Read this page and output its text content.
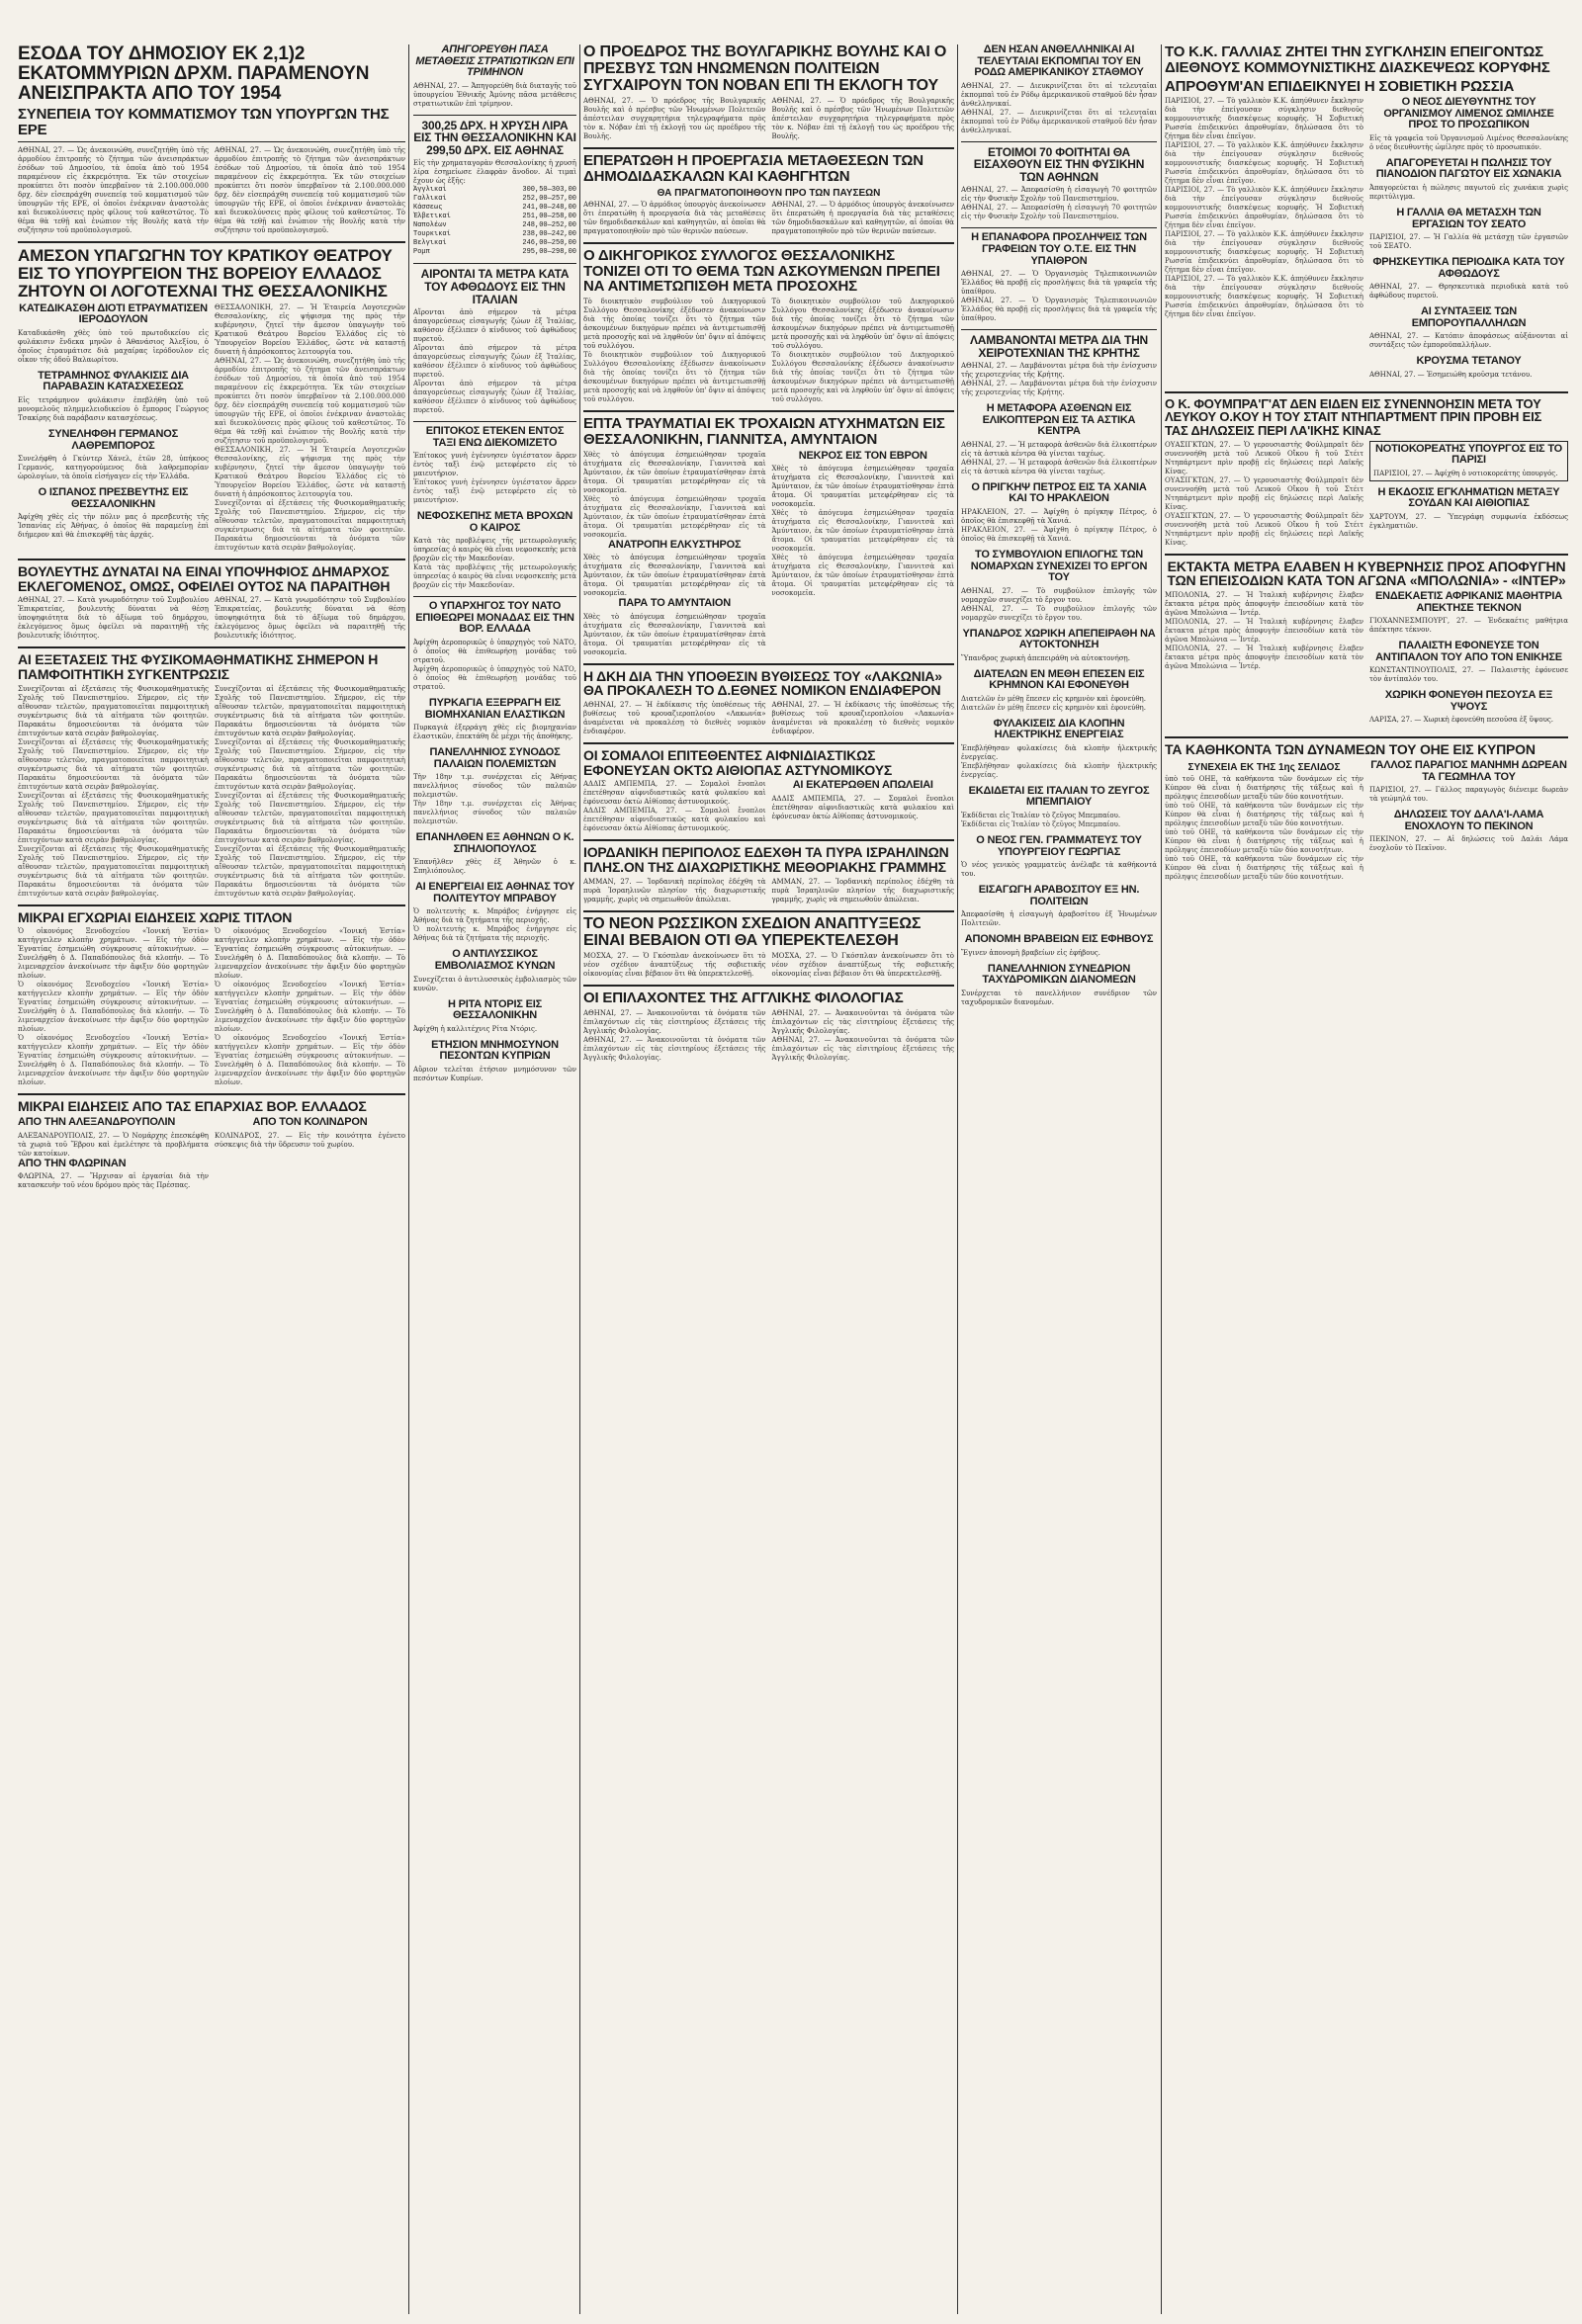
ΕΣΟΔΑ ΤΟΥ ΔΗΜΟΣΙΟΥ ΕΚ 2,1)2 ΕΚΑΤΟΜΜΥΡΙΩΝ ΔΡΧΜ. ΠΑΡΑΜΕΝΟΥΝ ΑΝΕΙΣΠΡΑΚΤΑ ΑΠΟ ΤΟΥ 1954
ΣΥΝΕΠΕΙΑ ΤΟΥ ΚΟΜΜΑΤΙΣΜΟΥ ΤΩΝ ΥΠΟΥΡΓΩΝ ΤΗΣ ΕΡΕ

ΑΘΗΝΑΙ, 27. — Ὡς ἀνεκοινώθη, συνεζητήθη ὑπὸ τῆς ἁρμοδίου ἐπιτροπῆς τὸ ζήτημα τῶν ἀνεισπράκτων ἐσόδων τοῦ Δημοσίου, τὰ ὁποῖα ἀπὸ τοῦ 1954 παραμένουν εἰς ἐκκρεμότητα. Ἐκ τῶν στοιχείων προκύπτει ὅτι ποσὸν ὑπερβαῖνον τὰ 2.100.000.000 δρχ. δὲν εἰσεπράχθη συνεπείᾳ τοῦ κομματισμοῦ τῶν ὑπουργῶν τῆς ΕΡΕ, οἱ ὁποῖοι ἐνέκριναν ἀναστολὰς καὶ διευκολύνσεις πρὸς φίλους τοῦ καθεστῶτος. Τὸ θέμα θὰ τεθῇ καὶ ἐνώπιον τῆς Βουλῆς κατὰ τὴν συζήτησιν τοῦ προϋπολογισμοῦ.

ΑΘΗΝΑΙ, 27. — Ὡς ἀνεκοινώθη, συνεζητήθη ὑπὸ τῆς ἁρμοδίου ἐπιτροπῆς τὸ ζήτημα τῶν ἀνεισπράκτων ἐσόδων τοῦ Δημοσίου, τὰ ὁποῖα ἀπὸ τοῦ 1954 παραμένουν εἰς ἐκκρεμότητα. Ἐκ τῶν στοιχείων προκύπτει ὅτι ποσὸν ὑπερβαῖνον τὰ 2.100.000.000 δρχ. δὲν εἰσεπράχθη συνεπείᾳ τοῦ κομματισμοῦ τῶν ὑπουργῶν τῆς ΕΡΕ, οἱ ὁποῖοι ἐνέκριναν ἀναστολὰς καὶ διευκολύνσεις πρὸς φίλους τοῦ καθεστῶτος. Τὸ θέμα θὰ τεθῇ καὶ ἐνώπιον τῆς Βουλῆς κατὰ τὴν συζήτησιν τοῦ προϋπολογισμοῦ.

ΑΜΕΣΟΝ ΥΠΑΓΩΓΗΝ ΤΟΥ ΚΡΑΤΙΚΟΥ ΘΕΑΤΡΟΥ ΕΙΣ ΤΟ ΥΠΟΥΡΓΕΙΟΝ ΤΗΣ ΒΟΡΕΙΟΥ ΕΛΛΑΔΟΣ ΖΗΤΟΥΝ ΟΙ ΛΟΓΟΤΕΧΝΑΙ ΤΗΣ ΘΕΣΣΑΛΟΝΙΚΗΣ
ΚΑΤΕΔΙΚΑΣΘΗ ΔΙΟΤΙ ΕΤΡΑΥΜΑΤΙΣΕΝ ΙΕΡΟΔΟΥΛΟΝ

Καταδικάσθη χθὲς ὑπὸ τοῦ πρωτοδικείου εἰς φυλάκισιν ἕνδεκα μηνῶν ὁ Ἀθανάσιος Ἀλεξίου, ὁ ὁποῖος ἐτραυμάτισε διὰ μαχαίρας ἱερόδουλον εἰς οἶκον τῆς ὁδοῦ Βαλαωρίτου.

ΤΕΤΡΑΜΗΝΟΣ ΦΥΛΑΚΙΣΙΣ ΔΙΑ ΠΑΡΑΒΑΣΙΝ ΚΑΤΑΣΧΕΣΕΩΣ

Εἰς τετράμηνον φυλάκισιν ἐπεβλήθη ὑπὸ τοῦ μονομελοῦς πλημμελειοδικείου ὁ ἔμπορος Γεώργιος Τσακίρης διὰ παράβασιν κατασχέσεως.

ΣΥΝΕΛΗΦΘΗ ΓΕΡΜΑΝΟΣ ΛΑΘΡΕΜΠΟΡΟΣ

Συνελήφθη ὁ Γκύντερ Χάνελ, ἐτῶν 28, ὑπήκοος Γερμανός, κατηγορούμενος διὰ λαθρεμπορίαν ὡρολογίων, τὰ ὁποῖα εἰσήγαγεν εἰς τὴν Ἑλλάδα.

Ο ΙΣΠΑΝΟΣ ΠΡΕΣΒΕΥΤΗΣ ΕΙΣ ΘΕΣΣΑΛΟΝΙΚΗΝ

Ἀφίχθη χθὲς εἰς τὴν πόλιν μας ὁ πρεσβευτὴς τῆς Ἰσπανίας εἰς Ἀθήνας, ὁ ὁποῖος θὰ παραμείνῃ ἐπὶ διήμερον καὶ θὰ ἐπισκεφθῇ τὰς ἀρχάς.

ΘΕΣΣΑΛΟΝΙΚΗ, 27. — Ἡ Ἑταιρεία Λογοτεχνῶν Θεσσαλονίκης, εἰς ψήφισμα της πρὸς τὴν κυβέρνησιν, ζητεῖ τὴν ἄμεσον ὑπαγωγὴν τοῦ Κρατικοῦ Θεάτρου Βορείου Ἑλλάδος εἰς τὸ Ὑπουργεῖον Βορείου Ἑλλάδος, ὥστε νὰ καταστῇ δυνατὴ ἡ ἀπρόσκοπτος λειτουργία του.

ΑΘΗΝΑΙ, 27. — Ὡς ἀνεκοινώθη, συνεζητήθη ὑπὸ τῆς ἁρμοδίου ἐπιτροπῆς τὸ ζήτημα τῶν ἀνεισπράκτων ἐσόδων τοῦ Δημοσίου, τὰ ὁποῖα ἀπὸ τοῦ 1954 παραμένουν εἰς ἐκκρεμότητα. Ἐκ τῶν στοιχείων προκύπτει ὅτι ποσὸν ὑπερβαῖνον τὰ 2.100.000.000 δρχ. δὲν εἰσεπράχθη συνεπείᾳ τοῦ κομματισμοῦ τῶν ὑπουργῶν τῆς ΕΡΕ, οἱ ὁποῖοι ἐνέκριναν ἀναστολὰς καὶ διευκολύνσεις πρὸς φίλους τοῦ καθεστῶτος. Τὸ θέμα θὰ τεθῇ καὶ ἐνώπιον τῆς Βουλῆς κατὰ τὴν συζήτησιν τοῦ προϋπολογισμοῦ.

ΘΕΣΣΑΛΟΝΙΚΗ, 27. — Ἡ Ἑταιρεία Λογοτεχνῶν Θεσσαλονίκης, εἰς ψήφισμα της πρὸς τὴν κυβέρνησιν, ζητεῖ τὴν ἄμεσον ὑπαγωγὴν τοῦ Κρατικοῦ Θεάτρου Βορείου Ἑλλάδος εἰς τὸ Ὑπουργεῖον Βορείου Ἑλλάδος, ὥστε νὰ καταστῇ δυνατὴ ἡ ἀπρόσκοπτος λειτουργία του.

Συνεχίζονται αἱ ἐξετάσεις τῆς Φυσικομαθηματικῆς Σχολῆς τοῦ Πανεπιστημίου. Σήμερον, εἰς τὴν αἴθουσαν τελετῶν, πραγματοποιεῖται παμφοιτητικὴ συγκέντρωσις διὰ τὰ αἰτήματα τῶν φοιτητῶν. Παρακάτω δημοσιεύονται τὰ ὀνόματα τῶν ἐπιτυχόντων κατὰ σειρὰν βαθμολογίας.

ΒΟΥΛΕΥΤΗΣ ΔΥΝΑΤΑΙ ΝΑ ΕΙΝΑΙ ΥΠΟΨΗΦΙΟΣ ΔΗΜΑΡΧΟΣ ΕΚΛΕΓΟΜΕΝΟΣ, ΟΜΩΣ, ΟΦΕΙΛΕΙ ΟΥΤΟΣ ΝΑ ΠΑΡΑΙΤΗΘΗ

ΑΘΗΝΑΙ, 27. — Κατὰ γνωμοδότησιν τοῦ Συμβουλίου Ἐπικρατείας, βουλευτὴς δύναται νὰ θέσῃ ὑποψηφιότητα διὰ τὸ ἀξίωμα τοῦ δημάρχου, ἐκλεγόμενος ὅμως ὀφείλει νὰ παραιτηθῇ τῆς βουλευτικῆς ἰδιότητος.

ΑΘΗΝΑΙ, 27. — Κατὰ γνωμοδότησιν τοῦ Συμβουλίου Ἐπικρατείας, βουλευτὴς δύναται νὰ θέσῃ ὑποψηφιότητα διὰ τὸ ἀξίωμα τοῦ δημάρχου, ἐκλεγόμενος ὅμως ὀφείλει νὰ παραιτηθῇ τῆς βουλευτικῆς ἰδιότητος.

ΑΙ ΕΞΕΤΑΣΕΙΣ ΤΗΣ ΦΥΣΙΚΟΜΑΘΗΜΑΤΙΚΗΣ ΣΗΜΕΡΟΝ Η ΠΑΜΦΟΙΤΗΤΙΚΗ ΣΥΓΚΕΝΤΡΩΣΙΣ

Συνεχίζονται αἱ ἐξετάσεις τῆς Φυσικομαθηματικῆς Σχολῆς τοῦ Πανεπιστημίου. Σήμερον, εἰς τὴν αἴθουσαν τελετῶν, πραγματοποιεῖται παμφοιτητικὴ συγκέντρωσις διὰ τὰ αἰτήματα τῶν φοιτητῶν. Παρακάτω δημοσιεύονται τὰ ὀνόματα τῶν ἐπιτυχόντων κατὰ σειρὰν βαθμολογίας.

Συνεχίζονται αἱ ἐξετάσεις τῆς Φυσικομαθηματικῆς Σχολῆς τοῦ Πανεπιστημίου. Σήμερον, εἰς τὴν αἴθουσαν τελετῶν, πραγματοποιεῖται παμφοιτητικὴ συγκέντρωσις διὰ τὰ αἰτήματα τῶν φοιτητῶν. Παρακάτω δημοσιεύονται τὰ ὀνόματα τῶν ἐπιτυχόντων κατὰ σειρὰν βαθμολογίας.

Συνεχίζονται αἱ ἐξετάσεις τῆς Φυσικομαθηματικῆς Σχολῆς τοῦ Πανεπιστημίου. Σήμερον, εἰς τὴν αἴθουσαν τελετῶν, πραγματοποιεῖται παμφοιτητικὴ συγκέντρωσις διὰ τὰ αἰτήματα τῶν φοιτητῶν. Παρακάτω δημοσιεύονται τὰ ὀνόματα τῶν ἐπιτυχόντων κατὰ σειρὰν βαθμολογίας.

Συνεχίζονται αἱ ἐξετάσεις τῆς Φυσικομαθηματικῆς Σχολῆς τοῦ Πανεπιστημίου. Σήμερον, εἰς τὴν αἴθουσαν τελετῶν, πραγματοποιεῖται παμφοιτητικὴ συγκέντρωσις διὰ τὰ αἰτήματα τῶν φοιτητῶν. Παρακάτω δημοσιεύονται τὰ ὀνόματα τῶν ἐπιτυχόντων κατὰ σειρὰν βαθμολογίας.

Συνεχίζονται αἱ ἐξετάσεις τῆς Φυσικομαθηματικῆς Σχολῆς τοῦ Πανεπιστημίου. Σήμερον, εἰς τὴν αἴθουσαν τελετῶν, πραγματοποιεῖται παμφοιτητικὴ συγκέντρωσις διὰ τὰ αἰτήματα τῶν φοιτητῶν. Παρακάτω δημοσιεύονται τὰ ὀνόματα τῶν ἐπιτυχόντων κατὰ σειρὰν βαθμολογίας.

Συνεχίζονται αἱ ἐξετάσεις τῆς Φυσικομαθηματικῆς Σχολῆς τοῦ Πανεπιστημίου. Σήμερον, εἰς τὴν αἴθουσαν τελετῶν, πραγματοποιεῖται παμφοιτητικὴ συγκέντρωσις διὰ τὰ αἰτήματα τῶν φοιτητῶν. Παρακάτω δημοσιεύονται τὰ ὀνόματα τῶν ἐπιτυχόντων κατὰ σειρὰν βαθμολογίας.

Συνεχίζονται αἱ ἐξετάσεις τῆς Φυσικομαθηματικῆς Σχολῆς τοῦ Πανεπιστημίου. Σήμερον, εἰς τὴν αἴθουσαν τελετῶν, πραγματοποιεῖται παμφοιτητικὴ συγκέντρωσις διὰ τὰ αἰτήματα τῶν φοιτητῶν. Παρακάτω δημοσιεύονται τὰ ὀνόματα τῶν ἐπιτυχόντων κατὰ σειρὰν βαθμολογίας.

Συνεχίζονται αἱ ἐξετάσεις τῆς Φυσικομαθηματικῆς Σχολῆς τοῦ Πανεπιστημίου. Σήμερον, εἰς τὴν αἴθουσαν τελετῶν, πραγματοποιεῖται παμφοιτητικὴ συγκέντρωσις διὰ τὰ αἰτήματα τῶν φοιτητῶν. Παρακάτω δημοσιεύονται τὰ ὀνόματα τῶν ἐπιτυχόντων κατὰ σειρὰν βαθμολογίας.

ΜΙΚΡΑΙ ΕΓΧΩΡΙΑΙ ΕΙΔΗΣΕΙΣ ΧΩΡΙΣ ΤΙΤΛΟΝ

Ὁ οἰκονόμος Ξενοδοχείου «Ἰονική Ἑστία» κατήγγειλεν κλοπὴν χρημάτων. — Εἰς τὴν ὁδὸν Ἐγνατίας ἐσημειώθη σύγκρουσις αὐτοκινήτων. — Συνελήφθη ὁ Δ. Παπαδόπουλος διὰ κλοπήν. — Τὸ λιμεναρχεῖον ἀνεκοίνωσε τὴν ἄφιξιν δύο φορτηγῶν πλοίων.

Ὁ οἰκονόμος Ξενοδοχείου «Ἰονική Ἑστία» κατήγγειλεν κλοπὴν χρημάτων. — Εἰς τὴν ὁδὸν Ἐγνατίας ἐσημειώθη σύγκρουσις αὐτοκινήτων. — Συνελήφθη ὁ Δ. Παπαδόπουλος διὰ κλοπήν. — Τὸ λιμεναρχεῖον ἀνεκοίνωσε τὴν ἄφιξιν δύο φορτηγῶν πλοίων.

Ὁ οἰκονόμος Ξενοδοχείου «Ἰονική Ἑστία» κατήγγειλεν κλοπὴν χρημάτων. — Εἰς τὴν ὁδὸν Ἐγνατίας ἐσημειώθη σύγκρουσις αὐτοκινήτων. — Συνελήφθη ὁ Δ. Παπαδόπουλος διὰ κλοπήν. — Τὸ λιμεναρχεῖον ἀνεκοίνωσε τὴν ἄφιξιν δύο φορτηγῶν πλοίων.

Ὁ οἰκονόμος Ξενοδοχείου «Ἰονική Ἑστία» κατήγγειλεν κλοπὴν χρημάτων. — Εἰς τὴν ὁδὸν Ἐγνατίας ἐσημειώθη σύγκρουσις αὐτοκινήτων. — Συνελήφθη ὁ Δ. Παπαδόπουλος διὰ κλοπήν. — Τὸ λιμεναρχεῖον ἀνεκοίνωσε τὴν ἄφιξιν δύο φορτηγῶν πλοίων.

Ὁ οἰκονόμος Ξενοδοχείου «Ἰονική Ἑστία» κατήγγειλεν κλοπὴν χρημάτων. — Εἰς τὴν ὁδὸν Ἐγνατίας ἐσημειώθη σύγκρουσις αὐτοκινήτων. — Συνελήφθη ὁ Δ. Παπαδόπουλος διὰ κλοπήν. — Τὸ λιμεναρχεῖον ἀνεκοίνωσε τὴν ἄφιξιν δύο φορτηγῶν πλοίων.

Ὁ οἰκονόμος Ξενοδοχείου «Ἰονική Ἑστία» κατήγγειλεν κλοπὴν χρημάτων. — Εἰς τὴν ὁδὸν Ἐγνατίας ἐσημειώθη σύγκρουσις αὐτοκινήτων. — Συνελήφθη ὁ Δ. Παπαδόπουλος διὰ κλοπήν. — Τὸ λιμεναρχεῖον ἀνεκοίνωσε τὴν ἄφιξιν δύο φορτηγῶν πλοίων.

ΜΙΚΡΑΙ ΕΙΔΗΣΕΙΣ ΑΠΟ ΤΑΣ ΕΠΑΡΧΙΑΣ ΒΟΡ. ΕΛΛΑΔΟΣ
ΑΠΟ ΤΗΝ ΑΛΕΞΑΝΔΡΟΥΠΟΛΙΝ

ΑΛΕΞΑΝΔΡΟΥΠΟΛΙΣ, 27. — Ὁ Νομάρχης ἐπεσκέφθη τὰ χωριὰ τοῦ Ἕβρου καὶ ἐμελέτησε τὰ προβλήματα τῶν κατοίκων.

ΑΠΟ ΤΗΝ ΦΛΩΡΙΝΑΝ

ΦΛΩΡΙΝΑ, 27. — Ἤρχισαν αἱ ἐργασίαι διὰ τὴν κατασκευὴν τοῦ νέου δρόμου πρὸς τὰς Πρέσπας.

ΑΠΟ ΤΟΝ ΚΟΛΙΝΔΡΟΝ

ΚΟΛΙΝΔΡΟΣ, 27. — Εἰς τὴν κοινότητα ἐγένετο σύσκεψις διὰ τὴν ὕδρευσιν τοῦ χωρίου.

ΑΠΗΓΟΡΕΥΘΗ ΠΑΣΑ ΜΕΤΑΘΕΣΙΣ ΣΤΡΑΤΙΩΤΙΚΩΝ ΕΠΙ ΤΡΙΜΗΝΟΝ

ΑΘΗΝΑΙ, 27. — Ἀπηγορεύθη διὰ διαταγῆς τοῦ ὑπουργείου Ἐθνικῆς Ἀμύνης πᾶσα μετάθεσις στρατιωτικῶν ἐπὶ τρίμηνον.

300,25 ΔΡΧ. Η ΧΡΥΣΗ ΛΙΡΑ ΕΙΣ ΤΗΝ ΘΕΣΣΑΛΟΝΙΚΗΝ ΚΑΙ 299,50 ΔΡΧ. ΕΙΣ ΑΘΗΝΑΣ

Εἰς τὴν χρηματαγορὰν Θεσσαλονίκης ἡ χρυσῆ λίρα ἐσημείωσε ἐλαφρὰν ἄνοδον. Αἱ τιμαὶ ἔχουν ὡς ἑξῆς:

Ἀγγλικαί	300,50—303,00
Γαλλικαί	252,00—257,00
Κάσσεως	241,00—248,00
Ἑλβετικαί	251,00—258,00
Ναπολέων	248,00—252,00
Τουρκικαί	238,00—242,00
Βελγικαί	246,00—250,00
Ρομπ	295,00—298,00
ΑΙΡΟΝΤΑΙ ΤΑ ΜΕΤΡΑ ΚΑΤΑ ΤΟΥ ΑΦΘΩΔΟΥΣ ΕΙΣ ΤΗΝ ΙΤΑΛΙΑΝ

Αἴρονται ἀπὸ σήμερον τὰ μέτρα ἀπαγορεύσεως εἰσαγωγῆς ζώων ἐξ Ἰταλίας, καθόσον ἐξέλιπεν ὁ κίνδυνος τοῦ ἀφθώδους πυρετοῦ.

Αἴρονται ἀπὸ σήμερον τὰ μέτρα ἀπαγορεύσεως εἰσαγωγῆς ζώων ἐξ Ἰταλίας, καθόσον ἐξέλιπεν ὁ κίνδυνος τοῦ ἀφθώδους πυρετοῦ.

Αἴρονται ἀπὸ σήμερον τὰ μέτρα ἀπαγορεύσεως εἰσαγωγῆς ζώων ἐξ Ἰταλίας, καθόσον ἐξέλιπεν ὁ κίνδυνος τοῦ ἀφθώδους πυρετοῦ.

ΕΠΙΤΟΚΟΣ ΕΤΕΚΕΝ ΕΝΤΟΣ ΤΑΞΙ ΕΝΩ ΔΙΕΚΟΜΙΖΕΤΟ

Ἐπίτοκος γυνὴ ἐγέννησεν ὑγιέστατον ἄρρεν ἐντὸς ταξὶ ἐνῷ μετεφέρετο εἰς τὸ μαιευτήριον.

Ἐπίτοκος γυνὴ ἐγέννησεν ὑγιέστατον ἄρρεν ἐντὸς ταξὶ ἐνῷ μετεφέρετο εἰς τὸ μαιευτήριον.

ΝΕΦΟΣΚΕΠΗΣ ΜΕΤΑ ΒΡΟΧΩΝ Ο ΚΑΙΡΟΣ

Κατὰ τὰς προβλέψεις τῆς μετεωρολογικῆς ὑπηρεσίας ὁ καιρὸς θὰ εἶναι νεφοσκεπὴς μετὰ βροχῶν εἰς τὴν Μακεδονίαν.

Κατὰ τὰς προβλέψεις τῆς μετεωρολογικῆς ὑπηρεσίας ὁ καιρὸς θὰ εἶναι νεφοσκεπὴς μετὰ βροχῶν εἰς τὴν Μακεδονίαν.

Ο ΥΠΑΡΧΗΓΟΣ ΤΟΥ ΝΑΤΟ ΕΠΙΘΕΩΡΕΙ ΜΟΝΑΔΑΣ ΕΙΣ ΤΗΝ ΒΟΡ. ΕΛΛΑΔΑ

Ἀφίχθη ἀεροπορικῶς ὁ ὑπαρχηγὸς τοῦ ΝΑΤΟ, ὁ ὁποῖος θὰ ἐπιθεωρήσῃ μονάδας τοῦ στρατοῦ.

Ἀφίχθη ἀεροπορικῶς ὁ ὑπαρχηγὸς τοῦ ΝΑΤΟ, ὁ ὁποῖος θὰ ἐπιθεωρήσῃ μονάδας τοῦ στρατοῦ.

ΠΥΡΚΑΓΙΑ ΕΞΕΡΡΑΓΗ ΕΙΣ ΒΙΟΜΗΧΑΝΙΑΝ ΕΛΑΣΤΙΚΩΝ

Πυρκαγιὰ ἐξερράγη χθὲς εἰς βιομηχανίαν ἐλαστικῶν, ἐπεκτάθη δὲ μέχρι τῆς ἀποθήκης.

ΠΑΝΕΛΛΗΝΙΟΣ ΣΥΝΟΔΟΣ ΠΑΛΑΙΩΝ ΠΟΛΕΜΙΣΤΩΝ

Τὴν 18ην τ.μ. συνέρχεται εἰς Ἀθήνας πανελλήνιος σύνοδος τῶν παλαιῶν πολεμιστῶν.

Τὴν 18ην τ.μ. συνέρχεται εἰς Ἀθήνας πανελλήνιος σύνοδος τῶν παλαιῶν πολεμιστῶν.

ΕΠΑΝΗΛΘΕΝ ΕΞ ΑΘΗΝΩΝ Ο Κ. ΣΠΗΛΙΟΠΟΥΛΟΣ

Ἐπανῆλθεν χθὲς ἐξ Ἀθηνῶν ὁ κ. Σπηλιόπουλος.

ΑΙ ΕΝΕΡΓΕΙΑΙ ΕΙΣ ΑΘΗΝΑΣ ΤΟΥ ΠΟΛΙΤΕΥΤΟΥ ΜΠΡΑΒΟΥ

Ὁ πολιτευτὴς κ. Μπράβος ἐνήργησε εἰς Ἀθήνας διὰ τὰ ζητήματα τῆς περιοχῆς.

Ὁ πολιτευτὴς κ. Μπράβος ἐνήργησε εἰς Ἀθήνας διὰ τὰ ζητήματα τῆς περιοχῆς.

Ο ΑΝΤΙΛΥΣΣΙΚΟΣ ΕΜΒΟΛΙΑΣΜΟΣ ΚΥΝΩΝ

Συνεχίζεται ὁ ἀντιλυσσικὸς ἐμβολιασμὸς τῶν κυνῶν.

Η ΡΙΤΑ ΝΤΟΡΙΣ ΕΙΣ ΘΕΣΣΑΛΟΝΙΚΗΝ

Ἀφίχθη ἡ καλλιτέχνις Ρίτα Ντόρις.

ΕΤΗΣΙΟΝ ΜΝΗΜΟΣΥΝΟΝ ΠΕΣΟΝΤΩΝ ΚΥΠΡΙΩΝ

Αὔριον τελεῖται ἐτήσιον μνημόσυνον τῶν πεσόντων Κυπρίων.

Ο ΠΡΟΕΔΡΟΣ ΤΗΣ ΒΟΥΛΓΑΡΙΚΗΣ ΒΟΥΛΗΣ ΚΑΙ Ο ΠΡΕΣΒΥΣ ΤΩΝ ΗΝΩΜΕΝΩΝ ΠΟΛΙΤΕΙΩΝ ΣΥΓΧΑΙΡΟΥΝ ΤΟΝ ΝΟΒΑΝ ΕΠΙ ΤΗ ΕΚΛΟΓΗ ΤΟΥ

ΑΘΗΝΑΙ, 27. — Ὁ πρόεδρος τῆς Βουλγαρικῆς Βουλῆς καὶ ὁ πρέσβυς τῶν Ἡνωμένων Πολιτειῶν ἀπέστειλαν συγχαρητήρια τηλεγραφήματα πρὸς τὸν κ. Νόβαν ἐπὶ τῇ ἐκλογῇ του ὡς προέδρου τῆς Βουλῆς.

ΑΘΗΝΑΙ, 27. — Ὁ πρόεδρος τῆς Βουλγαρικῆς Βουλῆς καὶ ὁ πρέσβυς τῶν Ἡνωμένων Πολιτειῶν ἀπέστειλαν συγχαρητήρια τηλεγραφήματα πρὸς τὸν κ. Νόβαν ἐπὶ τῇ ἐκλογῇ του ὡς προέδρου τῆς Βουλῆς.

ΕΠΕΡΑΤΩΘΗ Η ΠΡΟΕΡΓΑΣΙΑ ΜΕΤΑΘΕΣΕΩΝ ΤΩΝ ΔΗΜΟΔΙΔΑΣΚΑΛΩΝ ΚΑΙ ΚΑΘΗΓΗΤΩΝ
ΘΑ ΠΡΑΓΜΑΤΟΠΟΙΗΘΟΥΝ ΠΡΟ ΤΩΝ ΠΑΥΣΕΩΝ

ΑΘΗΝΑΙ, 27. — Ὁ ἁρμόδιος ὑπουργὸς ἀνεκοίνωσεν ὅτι ἐπερατώθη ἡ προεργασία διὰ τὰς μεταθέσεις τῶν δημοδιδασκάλων καὶ καθηγητῶν, αἱ ὁποῖαι θὰ πραγματοποιηθοῦν πρὸ τῶν θερινῶν παύσεων.

ΑΘΗΝΑΙ, 27. — Ὁ ἁρμόδιος ὑπουργὸς ἀνεκοίνωσεν ὅτι ἐπερατώθη ἡ προεργασία διὰ τὰς μεταθέσεις τῶν δημοδιδασκάλων καὶ καθηγητῶν, αἱ ὁποῖαι θὰ πραγματοποιηθοῦν πρὸ τῶν θερινῶν παύσεων.

Ο ΔΙΚΗΓΟΡΙΚΟΣ ΣΥΛΛΟΓΟΣ ΘΕΣΣΑΛΟΝΙΚΗΣ ΤΟΝΙΖΕΙ ΟΤΙ ΤΟ ΘΕΜΑ ΤΩΝ ΑΣΚΟΥΜΕΝΩΝ ΠΡΕΠΕΙ ΝΑ ΑΝΤΙΜΕΤΩΠΙΣΘΗ ΜΕΤΑ ΠΡΟΣΟΧΗΣ

Τὸ διοικητικὸν συμβούλιον τοῦ Δικηγορικοῦ Συλλόγου Θεσσαλονίκης ἐξέδωσεν ἀνακοίνωσιν διὰ τῆς ὁποίας τονίζει ὅτι τὸ ζήτημα τῶν ἀσκουμένων δικηγόρων πρέπει νὰ ἀντιμετωπισθῇ μετὰ προσοχῆς καὶ νὰ ληφθοῦν ὑπ' ὄψιν αἱ ἀπόψεις τοῦ συλλόγου.

Τὸ διοικητικὸν συμβούλιον τοῦ Δικηγορικοῦ Συλλόγου Θεσσαλονίκης ἐξέδωσεν ἀνακοίνωσιν διὰ τῆς ὁποίας τονίζει ὅτι τὸ ζήτημα τῶν ἀσκουμένων δικηγόρων πρέπει νὰ ἀντιμετωπισθῇ μετὰ προσοχῆς καὶ νὰ ληφθοῦν ὑπ' ὄψιν αἱ ἀπόψεις τοῦ συλλόγου.

Τὸ διοικητικὸν συμβούλιον τοῦ Δικηγορικοῦ Συλλόγου Θεσσαλονίκης ἐξέδωσεν ἀνακοίνωσιν διὰ τῆς ὁποίας τονίζει ὅτι τὸ ζήτημα τῶν ἀσκουμένων δικηγόρων πρέπει νὰ ἀντιμετωπισθῇ μετὰ προσοχῆς καὶ νὰ ληφθοῦν ὑπ' ὄψιν αἱ ἀπόψεις τοῦ συλλόγου.

Τὸ διοικητικὸν συμβούλιον τοῦ Δικηγορικοῦ Συλλόγου Θεσσαλονίκης ἐξέδωσεν ἀνακοίνωσιν διὰ τῆς ὁποίας τονίζει ὅτι τὸ ζήτημα τῶν ἀσκουμένων δικηγόρων πρέπει νὰ ἀντιμετωπισθῇ μετὰ προσοχῆς καὶ νὰ ληφθοῦν ὑπ' ὄψιν αἱ ἀπόψεις τοῦ συλλόγου.

ΕΠΤΑ ΤΡΑΥΜΑΤΙΑΙ ΕΚ ΤΡΟΧΑΙΩΝ ΑΤΥΧΗΜΑΤΩΝ ΕΙΣ ΘΕΣΣΑΛΟΝΙΚΗΝ, ΓΙΑΝΝΙΤΣΑ, ΑΜΥΝΤΑΙΟΝ

Χθὲς τὸ ἀπόγευμα ἐσημειώθησαν τροχαῖα ἀτυχήματα εἰς Θεσσαλονίκην, Γιαννιτσὰ καὶ Ἀμύνταιον, ἐκ τῶν ὁποίων ἐτραυματίσθησαν ἑπτὰ ἄτομα. Οἱ τραυματίαι μετεφέρθησαν εἰς τὰ νοσοκομεῖα.

Χθὲς τὸ ἀπόγευμα ἐσημειώθησαν τροχαῖα ἀτυχήματα εἰς Θεσσαλονίκην, Γιαννιτσὰ καὶ Ἀμύνταιον, ἐκ τῶν ὁποίων ἐτραυματίσθησαν ἑπτὰ ἄτομα. Οἱ τραυματίαι μετεφέρθησαν εἰς τὰ νοσοκομεῖα.

ΑΝΑΤΡΟΠΗ ΕΛΚΥΣΤΗΡΟΣ

Χθὲς τὸ ἀπόγευμα ἐσημειώθησαν τροχαῖα ἀτυχήματα εἰς Θεσσαλονίκην, Γιαννιτσὰ καὶ Ἀμύνταιον, ἐκ τῶν ὁποίων ἐτραυματίσθησαν ἑπτὰ ἄτομα. Οἱ τραυματίαι μετεφέρθησαν εἰς τὰ νοσοκομεῖα.

ΠΑΡΑ ΤΟ ΑΜΥΝΤΑΙΟΝ

Χθὲς τὸ ἀπόγευμα ἐσημειώθησαν τροχαῖα ἀτυχήματα εἰς Θεσσαλονίκην, Γιαννιτσὰ καὶ Ἀμύνταιον, ἐκ τῶν ὁποίων ἐτραυματίσθησαν ἑπτὰ ἄτομα. Οἱ τραυματίαι μετεφέρθησαν εἰς τὰ νοσοκομεῖα.

ΝΕΚΡΟΣ ΕΙΣ ΤΟΝ ΕΒΡΟΝ

Χθὲς τὸ ἀπόγευμα ἐσημειώθησαν τροχαῖα ἀτυχήματα εἰς Θεσσαλονίκην, Γιαννιτσὰ καὶ Ἀμύνταιον, ἐκ τῶν ὁποίων ἐτραυματίσθησαν ἑπτὰ ἄτομα. Οἱ τραυματίαι μετεφέρθησαν εἰς τὰ νοσοκομεῖα.

Χθὲς τὸ ἀπόγευμα ἐσημειώθησαν τροχαῖα ἀτυχήματα εἰς Θεσσαλονίκην, Γιαννιτσὰ καὶ Ἀμύνταιον, ἐκ τῶν ὁποίων ἐτραυματίσθησαν ἑπτὰ ἄτομα. Οἱ τραυματίαι μετεφέρθησαν εἰς τὰ νοσοκομεῖα.

Χθὲς τὸ ἀπόγευμα ἐσημειώθησαν τροχαῖα ἀτυχήματα εἰς Θεσσαλονίκην, Γιαννιτσὰ καὶ Ἀμύνταιον, ἐκ τῶν ὁποίων ἐτραυματίσθησαν ἑπτὰ ἄτομα. Οἱ τραυματίαι μετεφέρθησαν εἰς τὰ νοσοκομεῖα.

Η ΔΚΗ ΔΙΑ ΤΗΝ ΥΠΟΘΕΣΙΝ ΒΥΘΙΣΕΩΣ ΤΟΥ «ΛΑΚΩΝΙΑ» ΘΑ ΠΡΟΚΑΛΕΣΗ ΤΟ Δ.ΕΘΝΕΣ ΝΟΜΙΚΟΝ ΕΝΔΙΑΦΕΡΟΝ

ΑΘΗΝΑΙ, 27. — Ἡ ἐκδίκασις τῆς ὑποθέσεως τῆς βυθίσεως τοῦ κρουαζιεροπλοίου «Λακωνία» ἀναμένεται νὰ προκαλέσῃ τὸ διεθνὲς νομικὸν ἐνδιαφέρον.

ΑΘΗΝΑΙ, 27. — Ἡ ἐκδίκασις τῆς ὑποθέσεως τῆς βυθίσεως τοῦ κρουαζιεροπλοίου «Λακωνία» ἀναμένεται νὰ προκαλέσῃ τὸ διεθνὲς νομικὸν ἐνδιαφέρον.

ΟΙ ΣΟΜΑΛΟΙ ΕΠΙΤΕΘΕΝΤΕΣ ΑΙΦΝΙΔΙΑΣΤΙΚΩΣ ΕΦΟΝΕΥΣΑΝ ΟΚΤΩ ΑΙΘΙΟΠΑΣ ΑΣΤΥΝΟΜΙΚΟΥΣ

ΑΔΔΙΣ ΑΜΠΕΜΠΑ, 27. — Σομαλοὶ ἔνοπλοι ἐπετέθησαν αἰφνιδιαστικῶς κατὰ φυλακίου καὶ ἐφόνευσαν ὀκτὼ Αἰθίοπας ἀστυνομικούς.

ΑΔΔΙΣ ΑΜΠΕΜΠΑ, 27. — Σομαλοὶ ἔνοπλοι ἐπετέθησαν αἰφνιδιαστικῶς κατὰ φυλακίου καὶ ἐφόνευσαν ὀκτὼ Αἰθίοπας ἀστυνομικούς.

ΑΙ ΕΚΑΤΕΡΩΘΕΝ ΑΠΩΛΕΙΑΙ

ΑΔΔΙΣ ΑΜΠΕΜΠΑ, 27. — Σομαλοὶ ἔνοπλοι ἐπετέθησαν αἰφνιδιαστικῶς κατὰ φυλακίου καὶ ἐφόνευσαν ὀκτὼ Αἰθίοπας ἀστυνομικούς.

ΙΟΡΔΑΝΙΚΗ ΠΕΡΙΠΟΛΟΣ ΕΔΕΧΘΗ ΤΑ ΠΥΡΑ ΙΣΡΑΗΛΙΝΩΝ ΠΛΗΣ.ΟΝ ΤΗΣ ΔΙΑΧΩΡΙΣΤΙΚΗΣ ΜΕΘΟΡΙΑΚΗΣ ΓΡΑΜΜΗΣ

ΑΜΜΑΝ, 27. — Ἰορδανικὴ περίπολος ἐδέχθη τὰ πυρὰ Ἰσραηλινῶν πλησίον τῆς διαχωριστικῆς γραμμῆς, χωρὶς νὰ σημειωθοῦν ἀπώλειαι.

ΑΜΜΑΝ, 27. — Ἰορδανικὴ περίπολος ἐδέχθη τὰ πυρὰ Ἰσραηλινῶν πλησίον τῆς διαχωριστικῆς γραμμῆς, χωρὶς νὰ σημειωθοῦν ἀπώλειαι.

ΤΟ ΝΕΟΝ ΡΩΣΣΙΚΟΝ ΣΧΕΔΙΟΝ ΑΝΑΠΤΥΞΕΩΣ ΕΙΝΑΙ ΒΕΒΑΙΟΝ ΟΤΙ ΘΑ ΥΠΕΡΕΚΤΕΛΕΣΘΗ

ΜΟΣΧΑ, 27. — Ὁ Γκόσπλαν ἀνεκοίνωσεν ὅτι τὸ νέον σχέδιον ἀναπτύξεως τῆς σοβιετικῆς οἰκονομίας εἶναι βέβαιον ὅτι θὰ ὑπερεκτελεσθῇ.

ΜΟΣΧΑ, 27. — Ὁ Γκόσπλαν ἀνεκοίνωσεν ὅτι τὸ νέον σχέδιον ἀναπτύξεως τῆς σοβιετικῆς οἰκονομίας εἶναι βέβαιον ὅτι θὰ ὑπερεκτελεσθῇ.

ΟΙ ΕΠΙΛΑΧΟΝΤΕΣ ΤΗΣ ΑΓΓΛΙΚΗΣ ΦΙΛΟΛΟΓΙΑΣ

ΑΘΗΝΑΙ, 27. — Ἀνακοινοῦνται τὰ ὀνόματα τῶν ἐπιλαχόντων εἰς τὰς εἰσιτηρίους ἐξετάσεις τῆς Ἀγγλικῆς Φιλολογίας.

ΑΘΗΝΑΙ, 27. — Ἀνακοινοῦνται τὰ ὀνόματα τῶν ἐπιλαχόντων εἰς τὰς εἰσιτηρίους ἐξετάσεις τῆς Ἀγγλικῆς Φιλολογίας.

ΑΘΗΝΑΙ, 27. — Ἀνακοινοῦνται τὰ ὀνόματα τῶν ἐπιλαχόντων εἰς τὰς εἰσιτηρίους ἐξετάσεις τῆς Ἀγγλικῆς Φιλολογίας.

ΑΘΗΝΑΙ, 27. — Ἀνακοινοῦνται τὰ ὀνόματα τῶν ἐπιλαχόντων εἰς τὰς εἰσιτηρίους ἐξετάσεις τῆς Ἀγγλικῆς Φιλολογίας.

ΔΕΝ ΗΣΑΝ ΑΝΘΕΛΛΗΝΙΚΑΙ ΑΙ ΤΕΛΕΥΤΑΙΑΙ ΕΚΠΟΜΠΑΙ ΤΟΥ ΕΝ ΡΟΔΩ ΑΜΕΡΙΚΑΝΙΚΟΥ ΣΤΑΘΜΟΥ

ΑΘΗΝΑΙ, 27. — Διευκρινίζεται ὅτι αἱ τελευταῖαι ἐκπομπαὶ τοῦ ἐν Ρόδῳ ἀμερικανικοῦ σταθμοῦ δὲν ἦσαν ἀνθελληνικαί.

ΑΘΗΝΑΙ, 27. — Διευκρινίζεται ὅτι αἱ τελευταῖαι ἐκπομπαὶ τοῦ ἐν Ρόδῳ ἀμερικανικοῦ σταθμοῦ δὲν ἦσαν ἀνθελληνικαί.

ΕΤΟΙΜΟΙ 70 ΦΟΙΤΗΤΑΙ ΘΑ ΕΙΣΑΧΘΟΥΝ ΕΙΣ ΤΗΝ ΦΥΣΙΚΗΝ ΤΩΝ ΑΘΗΝΩΝ

ΑΘΗΝΑΙ, 27. — Ἀπεφασίσθη ἡ εἰσαγωγὴ 70 φοιτητῶν εἰς τὴν Φυσικὴν Σχολὴν τοῦ Πανεπιστημίου.

ΑΘΗΝΑΙ, 27. — Ἀπεφασίσθη ἡ εἰσαγωγὴ 70 φοιτητῶν εἰς τὴν Φυσικὴν Σχολὴν τοῦ Πανεπιστημίου.

Η ΕΠΑΝΑΦΟΡΑ ΠΡΟΣΛΗΨΕΙΣ ΤΩΝ ΓΡΑΦΕΙΩΝ ΤΟΥ Ο.Τ.Ε. ΕΙΣ ΤΗΝ ΥΠΑΙΘΡΟΝ

ΑΘΗΝΑΙ, 27. — Ὁ Ὀργανισμὸς Τηλεπικοινωνιῶν Ἑλλάδος θὰ προβῇ εἰς προσλήψεις διὰ τὰ γραφεῖα τῆς ὑπαίθρου.

ΑΘΗΝΑΙ, 27. — Ὁ Ὀργανισμὸς Τηλεπικοινωνιῶν Ἑλλάδος θὰ προβῇ εἰς προσλήψεις διὰ τὰ γραφεῖα τῆς ὑπαίθρου.

ΛΑΜΒΑΝΟΝΤΑΙ ΜΕΤΡΑ ΔΙΑ ΤΗΝ ΧΕΙΡΟΤΕΧΝΙΑΝ ΤΗΣ ΚΡΗΤΗΣ

ΑΘΗΝΑΙ, 27. — Λαμβάνονται μέτρα διὰ τὴν ἐνίσχυσιν τῆς χειροτεχνίας τῆς Κρήτης.

ΑΘΗΝΑΙ, 27. — Λαμβάνονται μέτρα διὰ τὴν ἐνίσχυσιν τῆς χειροτεχνίας τῆς Κρήτης.

Η ΜΕΤΑΦΟΡΑ ΑΣΘΕΝΩΝ ΕΙΣ ΕΛΙΚΟΠΤΕΡΩΝ ΕΙΣ ΤΑ ΑΣΤΙΚΑ ΚΕΝΤΡΑ

ΑΘΗΝΑΙ, 27. — Ἡ μεταφορὰ ἀσθενῶν διὰ ἑλικοπτέρων εἰς τὰ ἀστικὰ κέντρα θὰ γίνεται ταχέως.

ΑΘΗΝΑΙ, 27. — Ἡ μεταφορὰ ἀσθενῶν διὰ ἑλικοπτέρων εἰς τὰ ἀστικὰ κέντρα θὰ γίνεται ταχέως.

Ο ΠΡΙΓΚΗΨ ΠΕΤΡΟΣ ΕΙΣ ΤΑ ΧΑΝΙΑ ΚΑΙ ΤΟ ΗΡΑΚΛΕΙΟΝ

ΗΡΑΚΛΕΙΟΝ, 27. — Ἀφίχθη ὁ πρίγκηψ Πέτρος, ὁ ὁποῖος θὰ ἐπισκεφθῇ τὰ Χανιά.

ΗΡΑΚΛΕΙΟΝ, 27. — Ἀφίχθη ὁ πρίγκηψ Πέτρος, ὁ ὁποῖος θὰ ἐπισκεφθῇ τὰ Χανιά.

ΤΟ ΣΥΜΒΟΥΛΙΟΝ ΕΠΙΛΟΓΗΣ ΤΩΝ ΝΟΜΑΡΧΩΝ ΣΥΝΕΧΙΖΕΙ ΤΟ ΕΡΓΟΝ ΤΟΥ

ΑΘΗΝΑΙ, 27. — Τὸ συμβούλιον ἐπιλογῆς τῶν νομαρχῶν συνεχίζει τὸ ἔργον του.

ΑΘΗΝΑΙ, 27. — Τὸ συμβούλιον ἐπιλογῆς τῶν νομαρχῶν συνεχίζει τὸ ἔργον του.

ΥΠΑΝΔΡΟΣ ΧΩΡΙΚΗ ΑΠΕΠΕΙΡΑΘΗ ΝΑ ΑΥΤΟΚΤΟΝΗΣΗ

Ὕπανδρος χωρικὴ ἀπεπειράθη νὰ αὐτοκτονήσῃ.

ΔΙΑΤΕΛΩΝ ΕΝ ΜΕΘΗ ΕΠΕΣΕΝ ΕΙΣ ΚΡΗΜΝΟΝ ΚΑΙ ΕΦΟΝΕΥΘΗ

Διατελῶν ἐν μέθῃ ἔπεσεν εἰς κρημνὸν καὶ ἐφονεύθη.

Διατελῶν ἐν μέθῃ ἔπεσεν εἰς κρημνὸν καὶ ἐφονεύθη.

ΦΥΛΑΚΙΣΕΙΣ ΔΙΑ ΚΛΟΠΗΝ ΗΛΕΚΤΡΙΚΗΣ ΕΝΕΡΓΕΙΑΣ

Ἐπεβλήθησαν φυλακίσεις διὰ κλοπὴν ἠλεκτρικῆς ἐνεργείας.

Ἐπεβλήθησαν φυλακίσεις διὰ κλοπὴν ἠλεκτρικῆς ἐνεργείας.

ΕΚΔΙΔΕΤΑΙ ΕΙΣ ΙΤΑΛΙΑΝ ΤΟ ΖΕΥΓΟΣ ΜΠΕΜΠΑΙΟΥ

Ἐκδίδεται εἰς Ἰταλίαν τὸ ζεῦγος Μπεμπαίου.

Ἐκδίδεται εἰς Ἰταλίαν τὸ ζεῦγος Μπεμπαίου.

Ο ΝΕΟΣ ΓΕΝ. ΓΡΑΜΜΑΤΕΥΣ ΤΟΥ ΥΠΟΥΡΓΕΙΟΥ ΓΕΩΡΓΙΑΣ

Ὁ νέος γενικὸς γραμματεὺς ἀνέλαβε τὰ καθήκοντά του.

ΕΙΣΑΓΩΓΗ ΑΡΑΒΟΣΙΤΟΥ ΕΞ ΗΝ. ΠΟΛΙΤΕΙΩΝ

Ἀπεφασίσθη ἡ εἰσαγωγὴ ἀραβοσίτου ἐξ Ἡνωμένων Πολιτειῶν.

ΑΠΟΝΟΜΗ ΒΡΑΒΕΙΩΝ ΕΙΣ ΕΦΗΒΟΥΣ

Ἔγινεν ἀπονομὴ βραβείων εἰς ἐφήβους.

ΠΑΝΕΛΛΗΝΙΟΝ ΣΥΝΕΔΡΙΟΝ ΤΑΧΥΔΡΟΜΙΚΩΝ ΔΙΑΝΟΜΕΩΝ

Συνέρχεται τὸ πανελλήνιον συνέδριον τῶν ταχυδρομικῶν διανομέων.

ΤΟ Κ.Κ. ΓΑΛΛΙΑΣ ΖΗΤΕΙ ΤΗΝ ΣΥΓΚΛΗΣΙΝ ΕΠΕΙΓΟΝΤΩΣ ΔΙΕΘΝΟΥΣ ΚΟΜΜΟΥΝΙΣΤΙΚΗΣ ΔΙΑΣΚΕΨΕΩΣ ΚΟΡΥΦΗΣ
ΑΠΡΟΘΥΜ'ΑΝ ΕΠΙΔΕΙΚΝΥΕΙ Η ΣΟΒΙΕΤΙΚΗ ΡΩΣΣΙΑ

ΠΑΡΙΣΙΟΙ, 27. — Τὸ γαλλικὸν Κ.Κ. ἀπηύθυνεν ἔκκλησιν διὰ τὴν ἐπείγουσαν σύγκλησιν διεθνοῦς κομμουνιστικῆς διασκέψεως κορυφῆς. Ἡ Σοβιετικὴ Ρωσσία ἐπιδεικνύει ἀπροθυμίαν, δηλώσασα ὅτι τὸ ζήτημα δὲν εἶναι ἐπεῖγον.

ΠΑΡΙΣΙΟΙ, 27. — Τὸ γαλλικὸν Κ.Κ. ἀπηύθυνεν ἔκκλησιν διὰ τὴν ἐπείγουσαν σύγκλησιν διεθνοῦς κομμουνιστικῆς διασκέψεως κορυφῆς. Ἡ Σοβιετικὴ Ρωσσία ἐπιδεικνύει ἀπροθυμίαν, δηλώσασα ὅτι τὸ ζήτημα δὲν εἶναι ἐπεῖγον.

ΠΑΡΙΣΙΟΙ, 27. — Τὸ γαλλικὸν Κ.Κ. ἀπηύθυνεν ἔκκλησιν διὰ τὴν ἐπείγουσαν σύγκλησιν διεθνοῦς κομμουνιστικῆς διασκέψεως κορυφῆς. Ἡ Σοβιετικὴ Ρωσσία ἐπιδεικνύει ἀπροθυμίαν, δηλώσασα ὅτι τὸ ζήτημα δὲν εἶναι ἐπεῖγον.

ΠΑΡΙΣΙΟΙ, 27. — Τὸ γαλλικὸν Κ.Κ. ἀπηύθυνεν ἔκκλησιν διὰ τὴν ἐπείγουσαν σύγκλησιν διεθνοῦς κομμουνιστικῆς διασκέψεως κορυφῆς. Ἡ Σοβιετικὴ Ρωσσία ἐπιδεικνύει ἀπροθυμίαν, δηλώσασα ὅτι τὸ ζήτημα δὲν εἶναι ἐπεῖγον.

ΠΑΡΙΣΙΟΙ, 27. — Τὸ γαλλικὸν Κ.Κ. ἀπηύθυνεν ἔκκλησιν διὰ τὴν ἐπείγουσαν σύγκλησιν διεθνοῦς κομμουνιστικῆς διασκέψεως κορυφῆς. Ἡ Σοβιετικὴ Ρωσσία ἐπιδεικνύει ἀπροθυμίαν, δηλώσασα ὅτι τὸ ζήτημα δὲν εἶναι ἐπεῖγον.

Ο ΝΕΟΣ ΔΙΕΥΘΥΝΤΗΣ ΤΟΥ ΟΡΓΑΝΙΣΜΟΥ ΛΙΜΕΝΟΣ ΩΜΙΛΗΣΕ ΠΡΟΣ ΤΟ ΠΡΟΣΩΠΙΚΟΝ

Εἰς τὰ γραφεῖα τοῦ Ὀργανισμοῦ Λιμένος Θεσσαλονίκης ὁ νέος διευθυντὴς ὡμίλησε πρὸς τὸ προσωπικόν.

ΑΠΑΓΟΡΕΥΕΤΑΙ Η ΠΩΛΗΣΙΣ ΤΟΥ ΠΙΑΝΟΔΙΟΝ ΠΑΓΩΤΟΥ ΕΙΣ ΧΩΝΑΚΙΑ

Ἀπαγορεύεται ἡ πώλησις παγωτοῦ εἰς χωνάκια χωρὶς περιτύλιγμα.

Η ΓΑΛΛΙΑ ΘΑ ΜΕΤΑΣΧΗ ΤΩΝ ΕΡΓΑΣΙΩΝ ΤΟΥ ΣΕΑΤΟ

ΠΑΡΙΣΙΟΙ, 27. — Ἡ Γαλλία θὰ μετάσχῃ τῶν ἐργασιῶν τοῦ ΣΕΑΤΟ.

ΦΡΗΣΚΕΥΤΙΚΑ ΠΕΡΙΟΔΙΚΑ ΚΑΤΑ ΤΟΥ ΑΦΘΩΔΟΥΣ

ΑΘΗΝΑΙ, 27. — Θρησκευτικὰ περιοδικὰ κατὰ τοῦ ἀφθώδους πυρετοῦ.

ΑΙ ΣΥΝΤΑΞΕΙΣ ΤΩΝ ΕΜΠΟΡΟΥΠΑΛΛΗΛΩΝ

ΑΘΗΝΑΙ, 27. — Κατόπιν ἀποφάσεως αὐξάνονται αἱ συντάξεις τῶν ἐμποροϋπαλλήλων.

ΚΡΟΥΣΜΑ ΤΕΤΑΝΟΥ

ΑΘΗΝΑΙ, 27. — Ἐσημειώθη κροῦσμα τετάνου.

Ο Κ. ΦΟΥΜΠΡΑ'Γ'ΑΤ ΔΕΝ ΕΙΔΕΝ ΕΙΣ ΣΥΝΕΝΝΟΗΣΙΝ ΜΕΤΑ ΤΟΥ ΛΕΥΚΟΥ Ο.ΚΟΥ Η ΤΟΥ ΣΤΑΙΤ ΝΤΗΠΑΡΤΜΕΝΤ ΠΡΙΝ ΠΡΟΒΗ ΕΙΣ ΤΑΣ ΔΗΛΩΣΕΙΣ ΠΕΡΙ ΛΑ'ΙΚΗΣ ΚΙΝΑΣ

ΟΥΑΣΙΓΚΤΩΝ, 27. — Ὁ γερουσιαστὴς Φούλμπραϊτ δὲν συνεννοήθη μετὰ τοῦ Λευκοῦ Οἴκου ἢ τοῦ Στέιτ Ντηπάρτμεντ πρὶν προβῇ εἰς δηλώσεις περὶ Λαϊκῆς Κίνας.

ΟΥΑΣΙΓΚΤΩΝ, 27. — Ὁ γερουσιαστὴς Φούλμπραϊτ δὲν συνεννοήθη μετὰ τοῦ Λευκοῦ Οἴκου ἢ τοῦ Στέιτ Ντηπάρτμεντ πρὶν προβῇ εἰς δηλώσεις περὶ Λαϊκῆς Κίνας.

ΟΥΑΣΙΓΚΤΩΝ, 27. — Ὁ γερουσιαστὴς Φούλμπραϊτ δὲν συνεννοήθη μετὰ τοῦ Λευκοῦ Οἴκου ἢ τοῦ Στέιτ Ντηπάρτμεντ πρὶν προβῇ εἰς δηλώσεις περὶ Λαϊκῆς Κίνας.

ΝΟΤΙΟΚΟΡΕΑΤΗΣ ΥΠΟΥΡΓΟΣ ΕΙΣ ΤΟ ΠΑΡΙΣΙ

ΠΑΡΙΣΙΟΙ, 27. — Ἀφίχθη ὁ νοτιοκορεάτης ὑπουργός.

Η ΕΚΔΟΣΙΣ ΕΓΚΛΗΜΑΤΙΩΝ ΜΕΤΑΞΥ ΣΟΥΔΑΝ ΚΑΙ ΑΙΘΙΟΠΙΑΣ

ΧΑΡΤΟΥΜ, 27. — Ὑπεγράφη συμφωνία ἐκδόσεως ἐγκληματιῶν.

ΕΚΤΑΚΤΑ ΜΕΤΡΑ ΕΛΑΒΕΝ Η ΚΥΒΕΡΝΗΣΙΣ ΠΡΟΣ ΑΠΟΦΥΓΗΝ ΤΩΝ ΕΠΕΙΣΟΔΙΩΝ ΚΑΤΑ ΤΟΝ ΑΓΩΝΑ «ΜΠΟΛΩΝΙΑ» - «ΙΝΤΕΡ»

ΜΠΟΛΟΝΙΑ, 27. — Ἡ Ἰταλικὴ κυβέρνησις ἔλαβεν ἔκτακτα μέτρα πρὸς ἀποφυγὴν ἐπεισοδίων κατὰ τὸν ἀγῶνα Μπολώνια — Ἰντέρ.

ΜΠΟΛΟΝΙΑ, 27. — Ἡ Ἰταλικὴ κυβέρνησις ἔλαβεν ἔκτακτα μέτρα πρὸς ἀποφυγὴν ἐπεισοδίων κατὰ τὸν ἀγῶνα Μπολώνια — Ἰντέρ.

ΜΠΟΛΟΝΙΑ, 27. — Ἡ Ἰταλικὴ κυβέρνησις ἔλαβεν ἔκτακτα μέτρα πρὸς ἀποφυγὴν ἐπεισοδίων κατὰ τὸν ἀγῶνα Μπολώνια — Ἰντέρ.

ΕΝΔΕΚΑΕΤΙΣ ΑΦΡΙΚΑΝΙΣ ΜΑΘΗΤΡΙΑ ΑΠΕΚΤΗΣΕ ΤΕΚΝΟΝ

ΓΙΟΧΑΝΝΕΣΜΠΟΥΡΓ, 27. — Ἑνδεκαέτις μαθήτρια ἀπέκτησε τέκνον.

ΠΑΛΑΙΣΤΗ ΕΦΟΝΕΥΣΕ ΤΟΝ ΑΝΤΙΠΑΛΟΝ ΤΟΥ ΑΠΟ ΤΟΝ ΕΝΙΚΗΣΕ

ΚΩΝΣΤΑΝΤΙΝΟΥΠΟΛΙΣ, 27. — Παλαιστὴς ἐφόνευσε τὸν ἀντίπαλόν του.

ΧΩΡΙΚΗ ΦΟΝΕΥΘΗ ΠΕΣΟΥΣΑ ΕΞ ΥΨΟΥΣ

ΛΑΡΙΣΑ, 27. — Χωρικὴ ἐφονεύθη πεσοῦσα ἐξ ὕψους.

ΤΑ ΚΑΘΗΚΟΝΤΑ ΤΩΝ ΔΥΝΑΜΕΩΝ ΤΟΥ ΟΗΕ ΕΙΣ ΚΥΠΡΟΝ
ΣΥΝΕΧΕΙΑ ΕΚ ΤΗΣ 1ης ΣΕΛΙΔΟΣ

ὑπὸ τοῦ ΟΗΕ, τὰ καθήκοντα τῶν δυνάμεων εἰς τὴν Κύπρον θὰ εἶναι ἡ διατήρησις τῆς τάξεως καὶ ἡ πρόληψις ἐπεισοδίων μεταξὺ τῶν δύο κοινοτήτων.

ὑπὸ τοῦ ΟΗΕ, τὰ καθήκοντα τῶν δυνάμεων εἰς τὴν Κύπρον θὰ εἶναι ἡ διατήρησις τῆς τάξεως καὶ ἡ πρόληψις ἐπεισοδίων μεταξὺ τῶν δύο κοινοτήτων.

ὑπὸ τοῦ ΟΗΕ, τὰ καθήκοντα τῶν δυνάμεων εἰς τὴν Κύπρον θὰ εἶναι ἡ διατήρησις τῆς τάξεως καὶ ἡ πρόληψις ἐπεισοδίων μεταξὺ τῶν δύο κοινοτήτων.

ὑπὸ τοῦ ΟΗΕ, τὰ καθήκοντα τῶν δυνάμεων εἰς τὴν Κύπρον θὰ εἶναι ἡ διατήρησις τῆς τάξεως καὶ ἡ πρόληψις ἐπεισοδίων μεταξὺ τῶν δύο κοινοτήτων.

ΓΑΛΛΟΣ ΠΑΡΑΓΙΟΣ ΜΑΝΗΜΗ ΔΩΡΕΑΝ ΤΑ ΓΕΩΜΗΛΑ ΤΟΥ

ΠΑΡΙΣΙΟΙ, 27. — Γάλλος παραγωγὸς διένειμε δωρεὰν τὰ γεώμηλά του.

ΔΗΛΩΣΕΙΣ ΤΟΥ ΔΑΛΑ'Ι-ΛΑΜΑ ΕΝΟΧΛΟΥΝ ΤΟ ΠΕΚΙΝΟΝ

ΠΕΚΙΝΟΝ, 27. — Αἱ δηλώσεις τοῦ Δαλάι Λάμα ἐνοχλοῦν τὸ Πεκῖνον.
